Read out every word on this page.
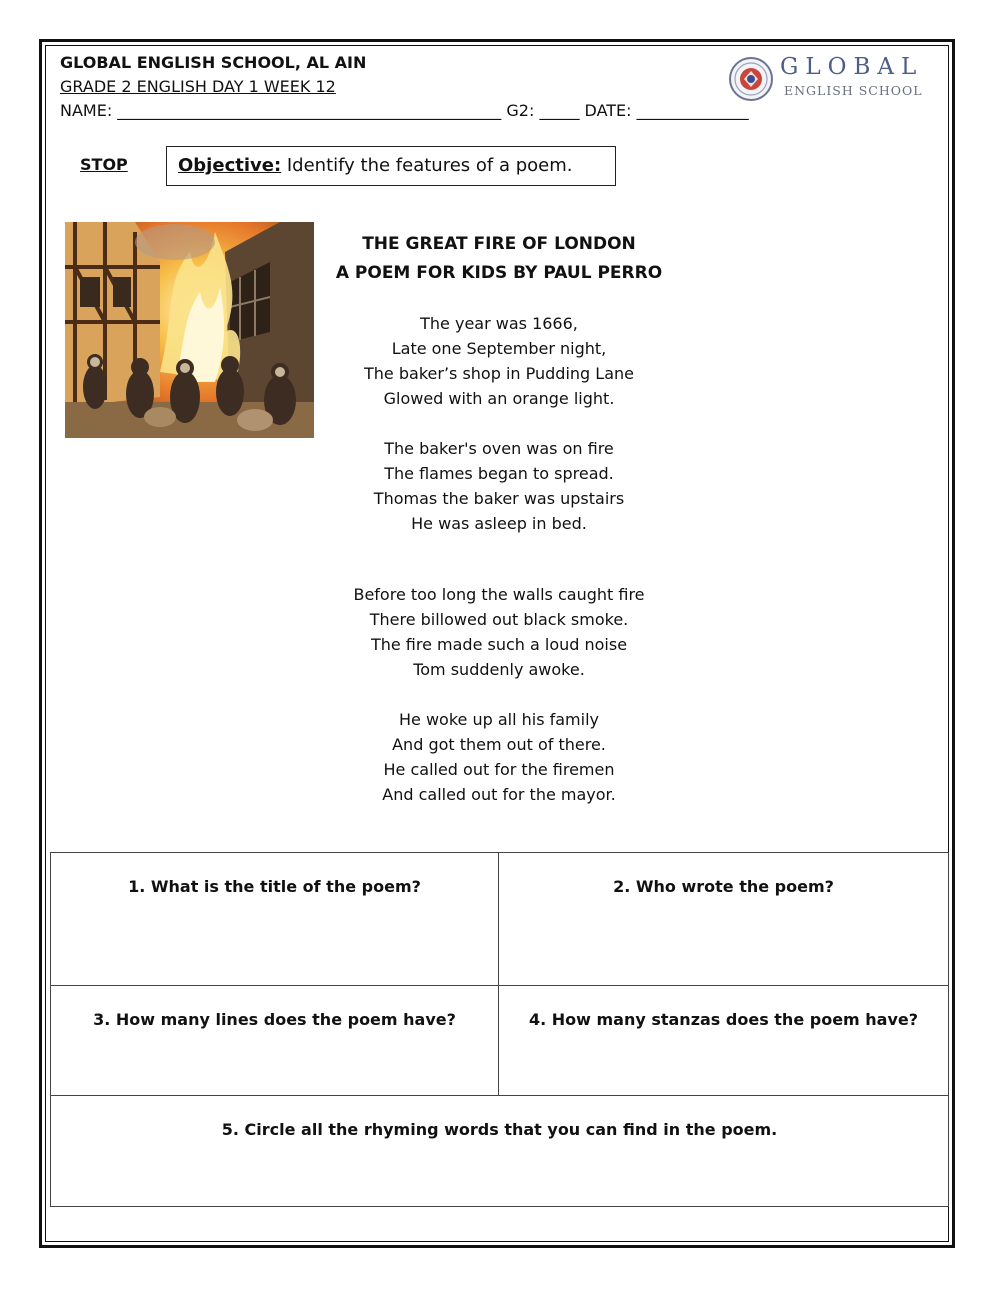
GLOBAL ENGLISH SCHOOL, AL AIN
GRADE 2 ENGLISH DAY 1 WEEK 12
NAME: ________________________________________________ G2: _____ DATE: ______________
GLOBAL
ENGLISH SCHOOL
STOP	Objective: Identify the features of a poem.
THE GREAT FIRE OF LONDON
A POEM FOR KIDS BY PAUL PERRO
The year was 1666,
Late one September night,
The baker’s shop in Pudding Lane
Glowed with an orange light.
The baker's oven was on fire
The flames began to spread.
Thomas the baker was upstairs
He was asleep in bed.
Before too long the walls caught fire
There billowed out black smoke.
The fire made such a loud noise
Tom suddenly awoke.
He woke up all his family
And got them out of there.
He called out for the firemen
And called out for the mayor.
1. What is the title of the poem?	2. Who wrote the poem?
3. How many lines does the poem have?	4. How many stanzas does the poem have?
5. Circle all the rhyming words that you can find in the poem.
